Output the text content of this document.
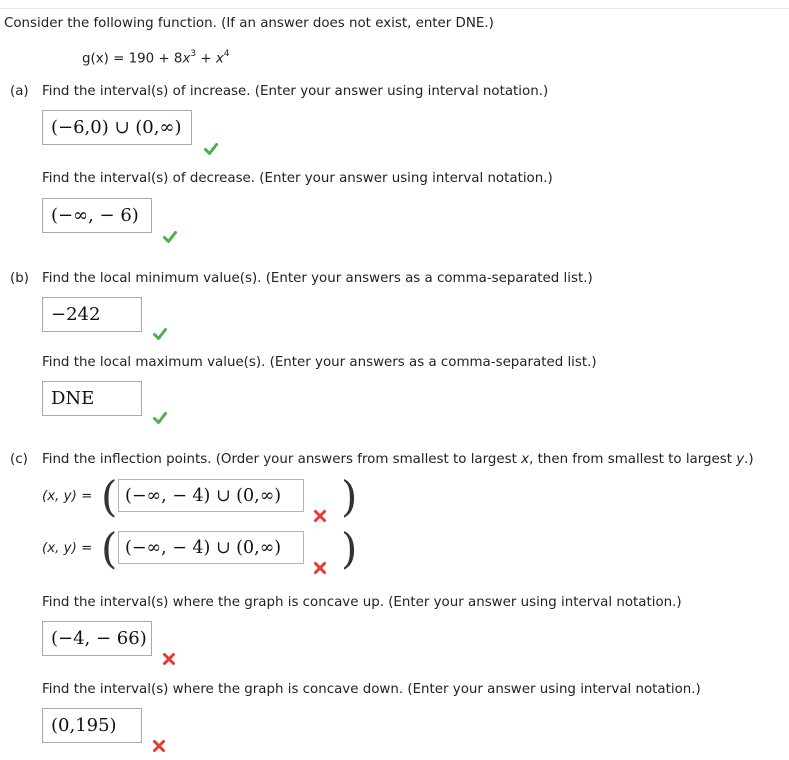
Consider the following function. (If an answer does not exist, enter DNE.)
$g(x) = 190 + 8x^3 + x^4$
(a) Find the interval(s) of increase. (Enter your answer using interval notation.)
(−6,0) ∪ (0,∞)
Find the interval(s) of decrease. (Enter your answer using interval notation.)
(−∞, − 6)
(b) Find the local minimum value(s). (Enter your answers as a comma-separated list.)
−242
Find the local maximum value(s). (Enter your answers as a comma-separated list.)
DNE
(c) Find the inflection points. (Order your answers from smallest to largest x, then from smallest to largest y.)
(x, y) = ( (−∞, − 4) ∪ (0,∞)	)
(x, y) = ( (−∞, − 4) ∪ (0,∞)	)
Find the interval(s) where the graph is concave up. (Enter your answer using interval notation.)
(−4, − 66)
Find the interval(s) where the graph is concave down. (Enter your answer using interval notation.)
(0,195)
